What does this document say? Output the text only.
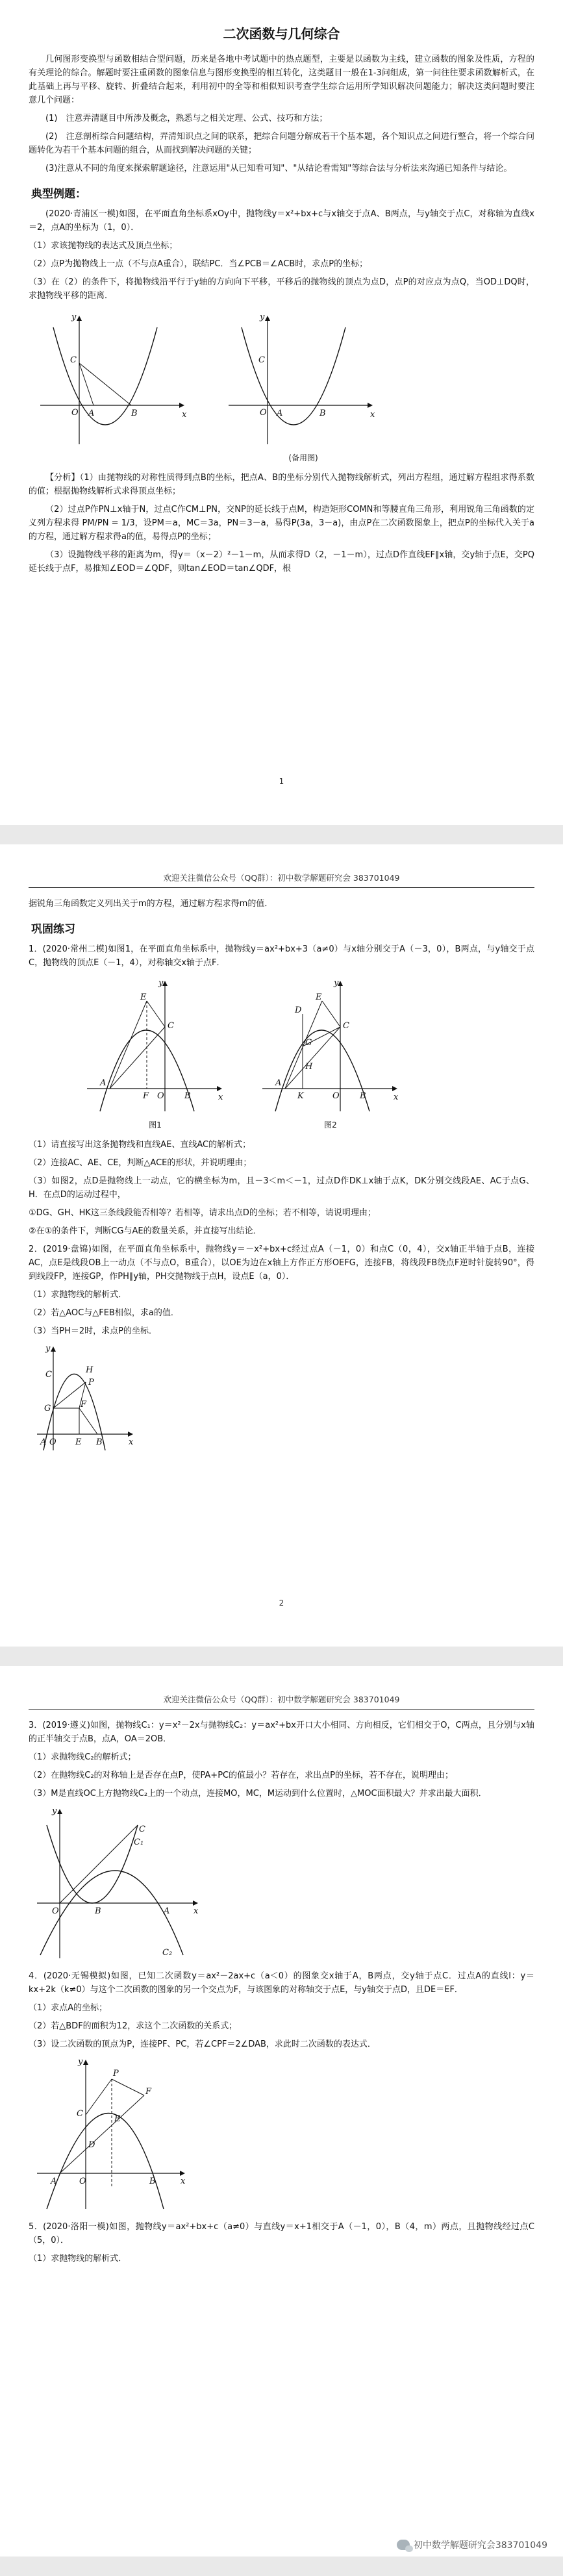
二次函数与几何综合

几何图形变换型与函数相结合型问题，历来是各地中考试题中的热点题型，主要是以函数为主线，建立函数的图象及性质，方程的有关理论的综合。解题时要注重函数的图象信息与图形变换型的相互转化，这类题目一般在1-3问组成，第一问往往要求函数解析式，在此基础上再与平移、旋转、折叠结合起来，利用初中的全等和相似知识考查学生综合运用所学知识解决问题能力；解决这类问题时要注意几个问题：

(1)　注意弄清题目中所涉及概念，熟悉与之相关定理、公式、技巧和方法；

(2)　注意剖析综合问题结构，弄清知识点之间的联系，把综合问题分解成若干个基本题，各个知识点之间进行整合，将一个综合问题转化为若干个基本问题的组合，从而找到解决问题的关键；

(3)注意从不同的角度来探索解题途径，注意运用"从已知看可知"、"从结论看需知"等综合法与分析法来沟通已知条件与结论。

典型例题：

(2020·青浦区一模)如图，在平面直角坐标系xOy中，抛物线y＝x²+bx+c与x轴交于点A、B两点，与y轴交于点C，对称轴为直线x＝2，点A的坐标为（1，0）．

（1）求该抛物线的表达式及顶点坐标；

（2）点P为抛物线上一点（不与点A重合），联结PC．当∠PCB＝∠ACB时，求点P的坐标；

（3）在（2）的条件下，将抛物线沿平行于y轴的方向向下平移，平移后的抛物线的顶点为点D，点P的对应点为点Q，当OD⊥DQ时，求抛物线平移的距离．

y
x
O A	B
C
y
x
O A	B
C
(备用图)

【分析】（1）由抛物线的对称性质得到点B的坐标，把点A、B的坐标分别代入抛物线解析式，列出方程组，通过解方程组求得系数的值；根据抛物线解析式求得顶点坐标；

（2）过点P作PN⊥x轴于N，过点C作CM⊥PN，交NP的延长线于点M，构造矩形COMN和等腰直角三角形，利用锐角三角函数的定义列方程求得 PM/PN = 1/3，设PM＝a，MC＝3a，PN＝3－a，易得P(3a，3－a)，由点P在二次函数图象上，把点P的坐标代入关于a的方程，通过解方程求得a的值，易得点P的坐标；

（3）设抛物线平移的距离为m，得y＝（x－2）²－1－m，从而求得D（2，－1－m），过点D作直线EF∥x轴，交y轴于点E，交PQ延长线于点F，易推知∠EOD＝∠QDF，则tan∠EOD＝tan∠QDF，根

1
欢迎关注微信公众号（QQ群）：初中数学解题研究会 383701049

据锐角三角函数定义列出关于m的方程，通过解方程求得m的值．

巩固练习

1．(2020·常州二模)如图1，在平面直角坐标系中，抛物线y＝ax²+bx+3（a≠0）与x轴分别交于A（－3，0），B两点，与y轴交于点C，抛物线的顶点E（－1，4），对称轴交x轴于点F．

y
x
A
F O B
E
C
图1
y
x
A
K	O B
E
C
D
G
H
图2

（1）请直接写出这条抛物线和直线AE、直线AC的解析式；

（2）连接AC、AE、CE，判断△ACE的形状，并说明理由；

（3）如图2，点D是抛物线上一动点，它的横坐标为m，且－3＜m＜－1，过点D作DK⊥x轴于点K，DK分别交线段AE、AC于点G、H．在点D的运动过程中，

①DG、GH、HK这三条线段能否相等？若相等，请求出点D的坐标；若不相等，请说明理由；

②在①的条件下，判断CG与AE的数量关系，并直接写出结论．

2．(2019·盘锦)如图，在平面直角坐标系中，抛物线y＝－x²+bx+c经过点A（－1，0）和点C（0，4），交x轴正半轴于点B，连接AC，点E是线段OB上一动点（不与点O，B重合），以OE为边在x轴上方作正方形OEFG，连接FB，将线段FB绕点F逆时针旋转90°，得到线段FP，连接GP，作PH∥y轴，PH交抛物线于点H，设点E（a，0）．

（1）求抛物线的解析式．

（2）若△AOC与△FEB相似，求a的值．

（3）当PH＝2时，求点P的坐标．

y
x
C	H
P
G	F
A O E B
2
欢迎关注微信公众号（QQ群）：初中数学解题研究会 383701049

3．(2019·遵义)如图，抛物线C₁：y＝x²－2x与抛物线C₂：y＝ax²+bx开口大小相同、方向相反，它们相交于O，C两点，且分别与x轴的正半轴交于点B，点A，OA＝2OB．

（1）求抛物线C₂的解析式；

（2）在抛物线C₂的对称轴上是否存在点P，使PA+PC的值最小？若存在，求出点P的坐标，若不存在，说明理由；

（3）M是直线OC上方抛物线C₂上的一个动点，连接MO，MC，M运动到什么位置时，△MOC面积最大？并求出最大面积．

y
x
O	B	A
C₁
C
C₂

4．(2020·无锡模拟)如图，已知二次函数y＝ax²－2ax+c（a＜0）的图象交x轴于A，B两点，交y轴于点C．过点A的直线l：y＝kx+2k（k≠0）与这个二次函数的图象的另一个交点为F，与该图象的对称轴交于点E，与y轴交于点D，且DE＝EF．

（1）求点A的坐标；

（2）若△BDF的面积为12，求这个二次函数的关系式；

（3）设二次函数的顶点为P，连接PF、PC，若∠CPF＝2∠DAB，求此时二次函数的表达式．

y
x
A	O	B
P
F
E
C
D

5．(2020·洛阳一模)如图，抛物线y＝ax²+bx+c（a≠0）与直线y＝x+1相交于A（－1，0），B（4，m）两点，且抛物线经过点C（5，0）．

（1）求抛物线的解析式．

初中数学解题研究会383701049
